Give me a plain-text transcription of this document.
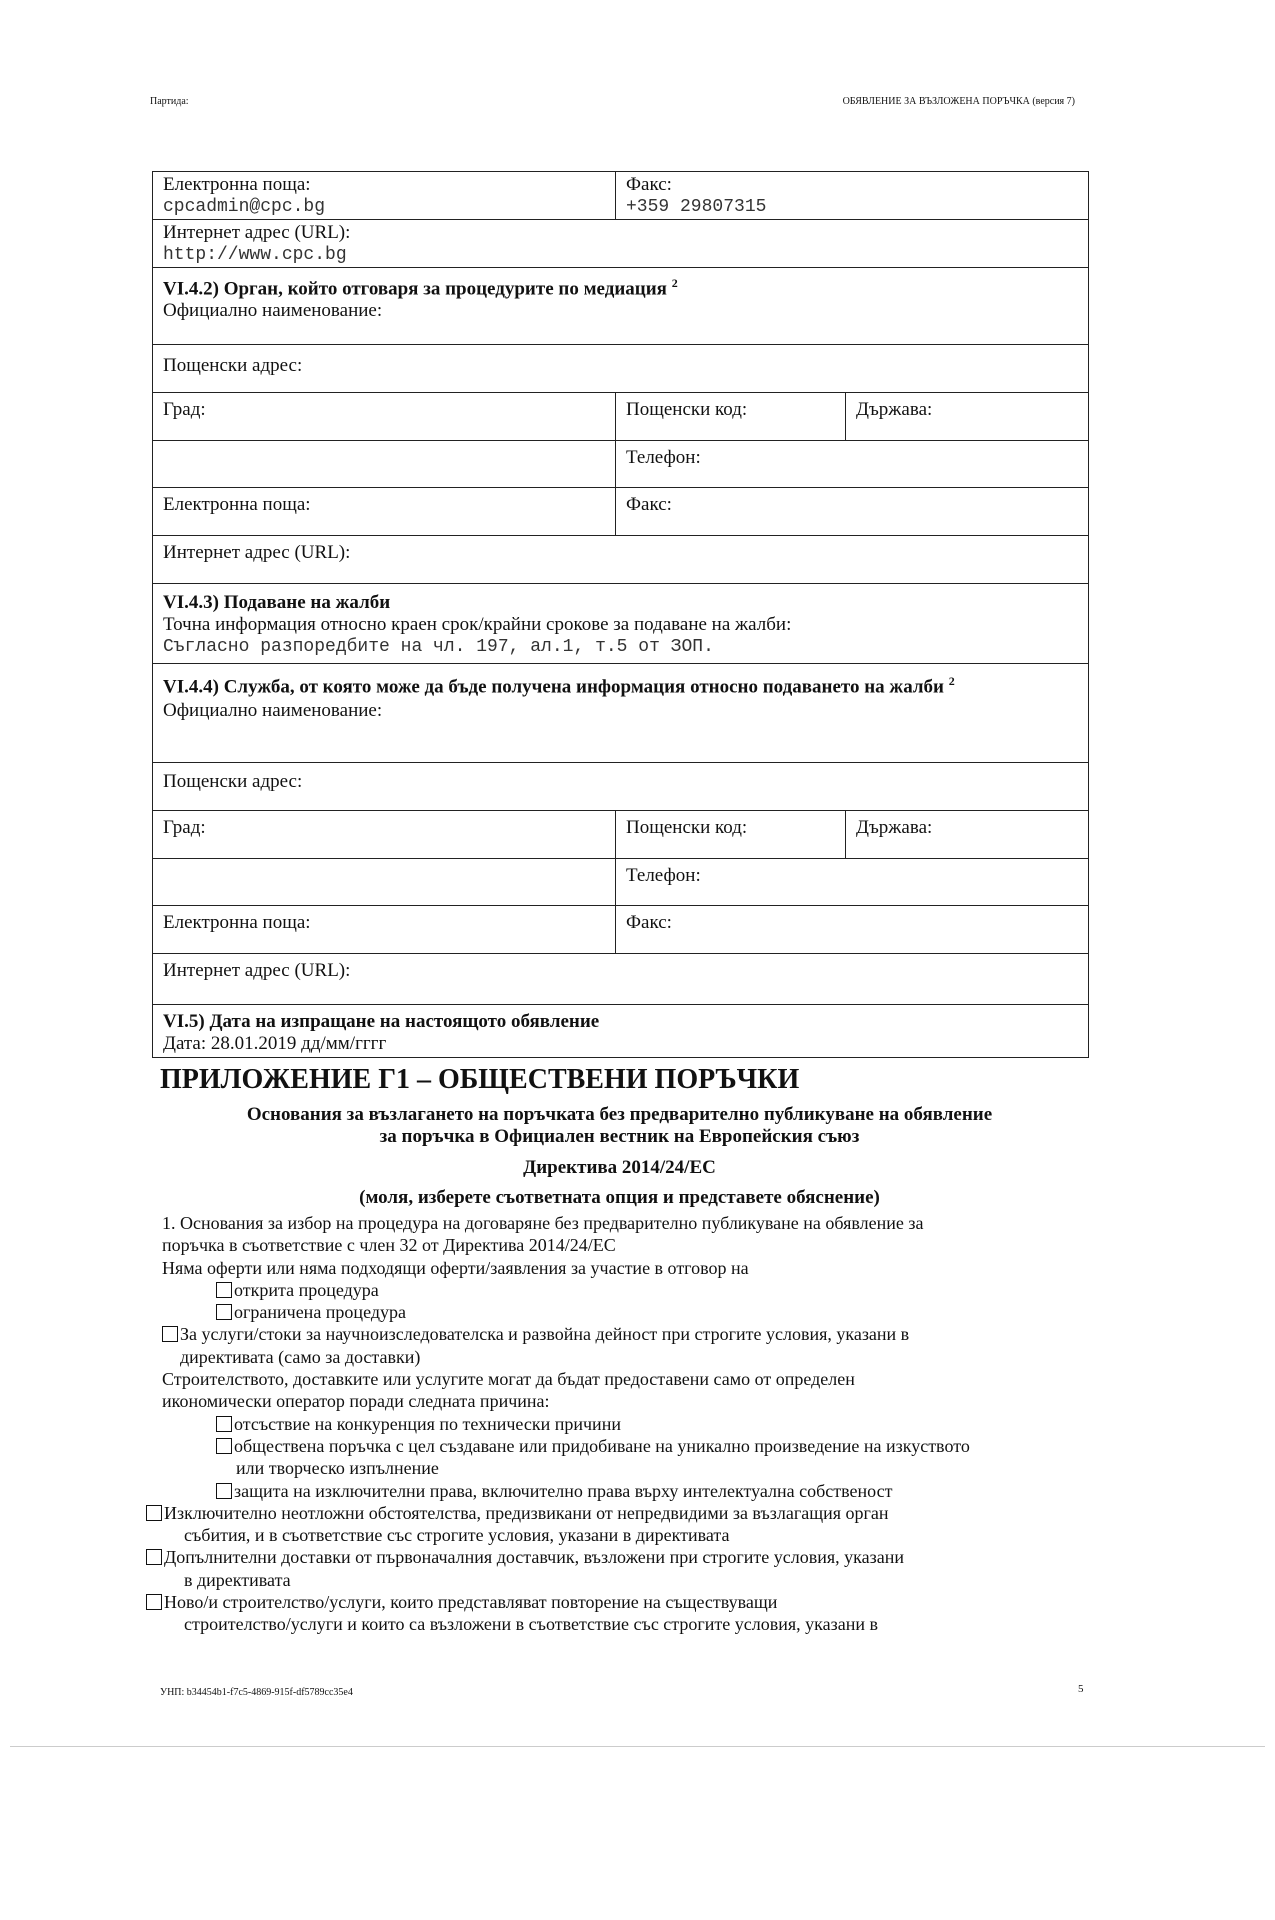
Партида:	ОБЯВЛЕНИЕ ЗА ВЪЗЛОЖЕНА ПОРЪЧКА (версия 7)
Електронна поща:
cpcadmin@cpc.bg
Факс:
+359 29807315
Интернет адрес (URL):
http://www.cpc.bg
VI.4.2) Орган, който отговаря за процедурите по медиация $^2$
Официално наименование:
Пощенски адрес:
Град:	Пощенски код:	Държава:
Телефон:
Електронна поща:	Факс:
Интернет адрес (URL):
VI.4.3) Подаване на жалби
Точна информация относно краен срок/крайни срокове за подаване на жалби:
Съгласно разпоредбите на чл. 197, ал.1, т.5 от ЗОП.
VI.4.4) Служба, от която може да бъде получена информация относно подаването на жалби $^2$
Официално наименование:
Пощенски адрес:
Град:	Пощенски код:	Държава:
Телефон:
Електронна поща:	Факс:
Интернет адрес (URL):
VI.5) Дата на изпращане на настоящото обявление
Дата: 28.01.2019 дд/мм/гггг
ПРИЛОЖЕНИЕ Г1 – ОБЩЕСТВЕНИ ПОРЪЧКИ
Основания за възлагането на поръчката без предварително публикуване на обявление
за поръчка в Официален вестник на Европейския съюз
Директива 2014/24/ЕС
(моля, изберете съответната опция и представете обяснение)

1. Основания за избор на процедура на договаряне без предварително публикуване на обявление за

поръчка в съответствие с член 32 от Директива 2014/24/ЕС

Няма оферти или няма подходящи оферти/заявления за участие в отговор на

открита процедура

ограничена процедура

За услуги/стоки за научноизследователска и развойна дейност при строгите условия, указани в

директивата (само за доставки)

Строителството, доставките или услугите могат да бъдат предоставени само от определен

икономически оператор поради следната причина:

отсъствие на конкуренция по технически причини

обществена поръчка с цел създаване или придобиване на уникално произведение на изкуството

или творческо изпълнение

защита на изключителни права, включително права върху интелектуална собственост

Изключително неотложни обстоятелства, предизвикани от непредвидими за възлагащия орган

събития, и в съответствие със строгите условия, указани в директивата

Допълнителни доставки от първоначалния доставчик, възложени при строгите условия, указани

в директивата

Ново/и строителство/услуги, които представляват повторение на съществуващи

строителство/услуги и които са възложени в съответствие със строгите условия, указани в

УНП: b34454b1-f7c5-4869-915f-df5789cc35e4	5
